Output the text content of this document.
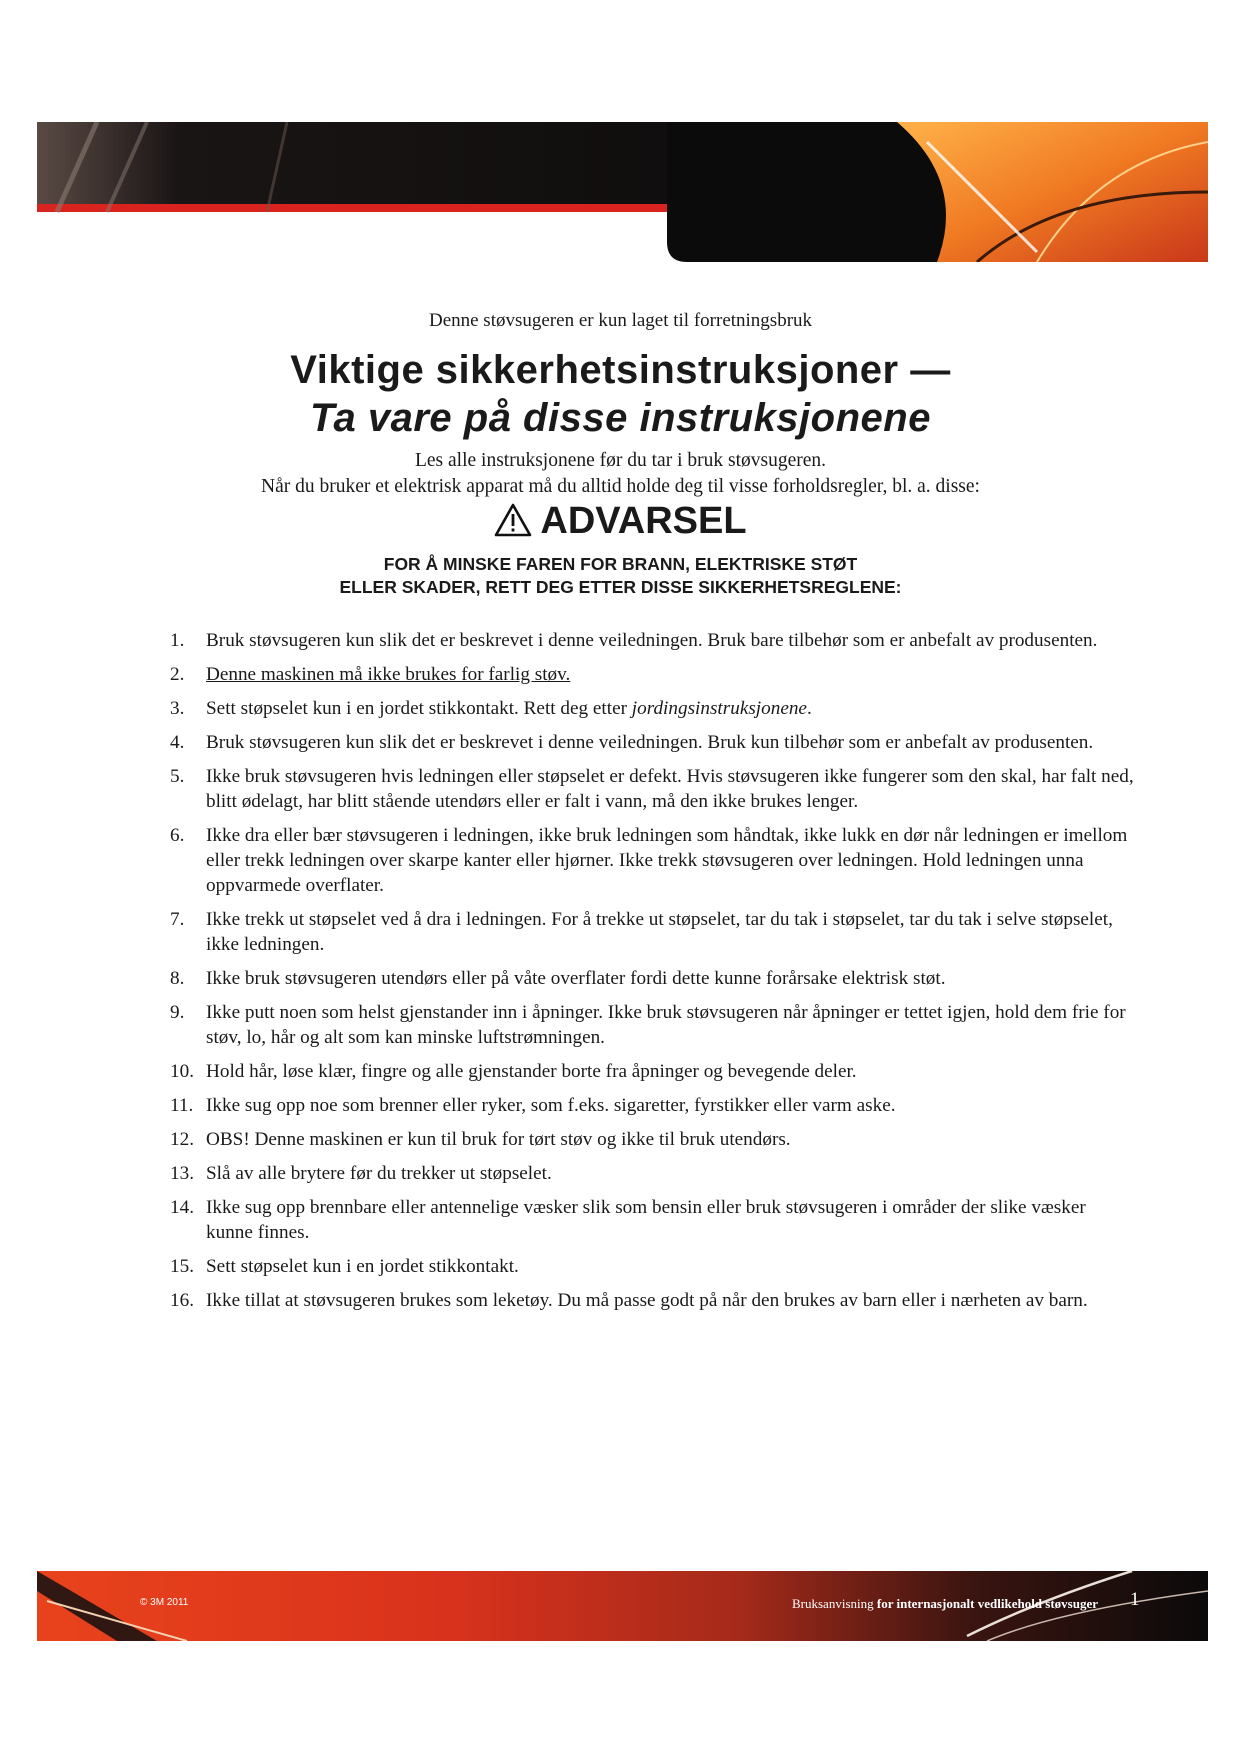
Denne støvsugeren er kun laget til forretningsbruk
Viktige sikkerhetsinstruksjoner —
Ta vare på disse instruksjonene
Les alle instruksjonene før du tar i bruk støvsugeren.
Når du bruker et elektrisk apparat må du alltid holde deg til visse forholdsregler, bl. a. disse:
ADVARSEL
FOR Å MINSKE FAREN FOR BRANN, ELEKTRISKE STØT
ELLER SKADER, RETT DEG ETTER DISSE SIKKERHETSREGLENE:
1. Bruk støvsugeren kun slik det er beskrevet i denne veiledningen. Bruk bare tilbehør som er anbefalt av produsenten.
2. Denne maskinen må ikke brukes for farlig støv.
3. Sett støpselet kun i en jordet stikkontakt. Rett deg etter jordingsinstruksjonene.
4. Bruk støvsugeren kun slik det er beskrevet i denne veiledningen. Bruk kun tilbehør som er anbefalt av produsenten.
5. Ikke bruk støvsugeren hvis ledningen eller støpselet er defekt. Hvis støvsugeren ikke fungerer som den skal, har falt ned, blitt ødelagt, har blitt stående utendørs eller er falt i vann, må den ikke brukes lenger.
6. Ikke dra eller bær støvsugeren i ledningen, ikke bruk ledningen som håndtak, ikke lukk en dør når ledningen er imellom eller trekk ledningen over skarpe kanter eller hjørner. Ikke trekk støvsugeren over ledningen. Hold ledningen unna oppvarmede overflater.
7. Ikke trekk ut støpselet ved å dra i ledningen. For å trekke ut støpselet, tar du tak i støpselet, tar du tak i selve støpselet, ikke ledningen.
8. Ikke bruk støvsugeren utendørs eller på våte overflater fordi dette kunne forårsake elektrisk støt.
9. Ikke putt noen som helst gjenstander inn i åpninger. Ikke bruk støvsugeren når åpninger er tettet igjen, hold dem frie for støv, lo, hår og alt som kan minske luftstrømningen.
10. Hold hår, løse klær, fingre og alle gjenstander borte fra åpninger og bevegende deler.
11. Ikke sug opp noe som brenner eller ryker, som f.eks. sigaretter, fyrstikker eller varm aske.
12. OBS! Denne maskinen er kun til bruk for tørt støv og ikke til bruk utendørs.
13. Slå av alle brytere før du trekker ut støpselet.
14. Ikke sug opp brennbare eller antennelige væsker slik som bensin eller bruk støvsugeren i områder der slike væsker kunne finnes.
15. Sett støpselet kun i en jordet stikkontakt.
16. Ikke tillat at støvsugeren brukes som leketøy. Du må passe godt på når den brukes av barn eller i nærheten av barn.
© 3M 2011	Bruksanvisning for internasjonalt vedlikehold støvsuger 1
